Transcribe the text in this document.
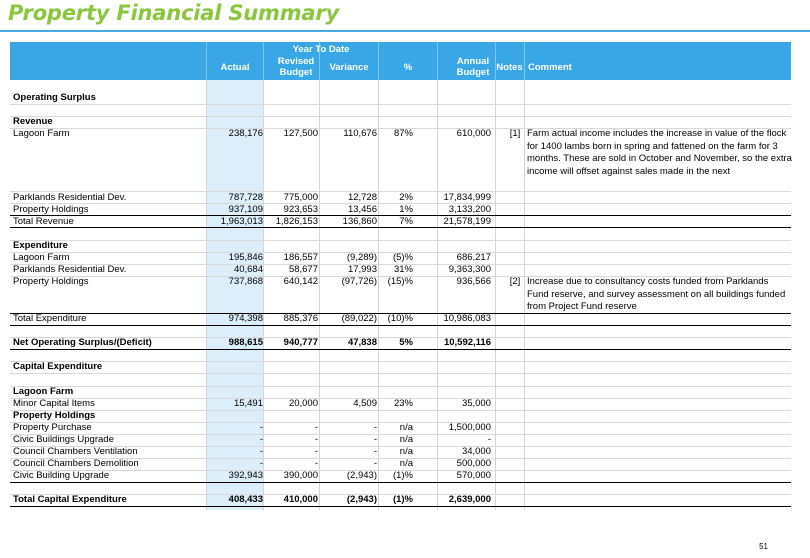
Property Financial Summary
Year To Date
Actual
Revised Budget	Variance	%
Annual Budget Notes Comment
Operating Surplus
Revenue
Lagoon Farm	238,176 127,500	110,676 87%	610,000 [1] Farm actual income includes the increase in value of the flock for 1400 lambs born in spring and fattened on the farm for 3 months. These are sold in October and November, so the extra income will offset against sales made in the next
Parklands Residential Dev.	787,728 775,000	12,728 2%	17,834,999
Property Holdings	937,109 923,653	13,456 1%	3,133,200
Total Revenue	1,963,013 1,826,153	136,860 7%	21,578,199
Expenditure
Lagoon Farm	195,846 186,557	(9,289) (5)%	686,217
Parklands Residential Dev.	40,684	58,677	17,993 31%	9,363,300
Property Holdings	737,868 640,142 (97,726) (15)%	936,566 [2] Increase due to consultancy costs funded from Parklands Fund reserve, and survey assessment on all buildings funded from Project Fund reserve
Total Expenditure	974,398 885,376 (89,022) (10)%	10,986,083
Net Operating Surplus/(Deficit)	988,615 940,777	47,838 5%	10,592,116
Capital Expenditure
Lagoon Farm
Minor Capital Items	15,491	20,000	4,509 23%	35,000
Property Holdings
Property Purchase	-	-	- n/a	1,500,000
Civic Buildings Upgrade	-	-	- n/a	-
Council Chambers Ventilation	-	-	- n/a	34,000
Council Chambers Demolition	-	-	- n/a	500,000
Civic Building Upgrade	392,943 390,000	(2,943) (1)%	570,000
Total Capital Expenditure	408,433 410,000	(2,943) (1)%	2,639,000
51
